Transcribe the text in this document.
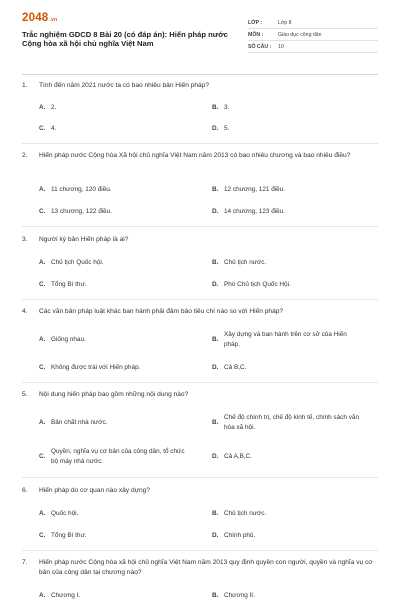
2048.vn
Trắc nghiệm GDCD 8 Bài 20 (có đáp án): Hiến pháp nước Cộng hòa xã hội chủ nghĩa Việt Nam
LỚP :	Lớp 8
MÔN :	Giáo dục công dân
SỐ CÂU :	10
1.	Tính đến năm 2021 nước ta có bao nhiêu bản Hiến pháp?
A. 2.	B. 3.
C. 4.	D. 5.
2.	Hiến pháp nước Cộng hòa Xã hội chủ nghĩa Việt Nam năm 2013 có bao nhiêu chương và bao nhiêu điều?
A. 11 chương, 120 điều.	B. 12 chương, 121 điều.
C. 13 chương, 122 điều.	D. 14 chương, 123 điều.
3.	Người ký bản Hiến pháp là ai?
A. Chủ tịch Quốc hội.	B. Chủ tịch nước.
C. Tổng Bí thư.	D. Phó Chủ tịch Quốc Hội.
4.	Các văn bản pháp luật khác ban hành phải đảm bảo tiêu chí nào so với Hiến pháp?
A. Giống nhau.	B.
Xây dựng và ban hành trên cơ sở của Hiến pháp.
C. Không được trái với Hiến pháp.	D. Cả B,C.
5.	Nội dung hiến pháp bao gồm những nội dung nào?
A. Bản chất nhà nước.	B.
Chế độ chính trị, chế độ kinh tế, chính sách văn hóa xã hội.
C.
Quyền, nghĩa vụ cơ bản của công dân, tổ chức bộ máy nhà nước.
D. Cả A,B,C.
6.	Hiến pháp do cơ quan nào xây dựng?
A. Quốc hội.	B. Chủ tịch nước.
C. Tổng Bí thư.	D. Chính phủ.
7.	Hiến pháp nước Cộng hòa xã hội chủ nghĩa Việt Nam năm 2013 quy định quyền con người, quyền và nghĩa vụ cơ bản của công dân tại chương nào?
A. Chương I.	B. Chương II.
